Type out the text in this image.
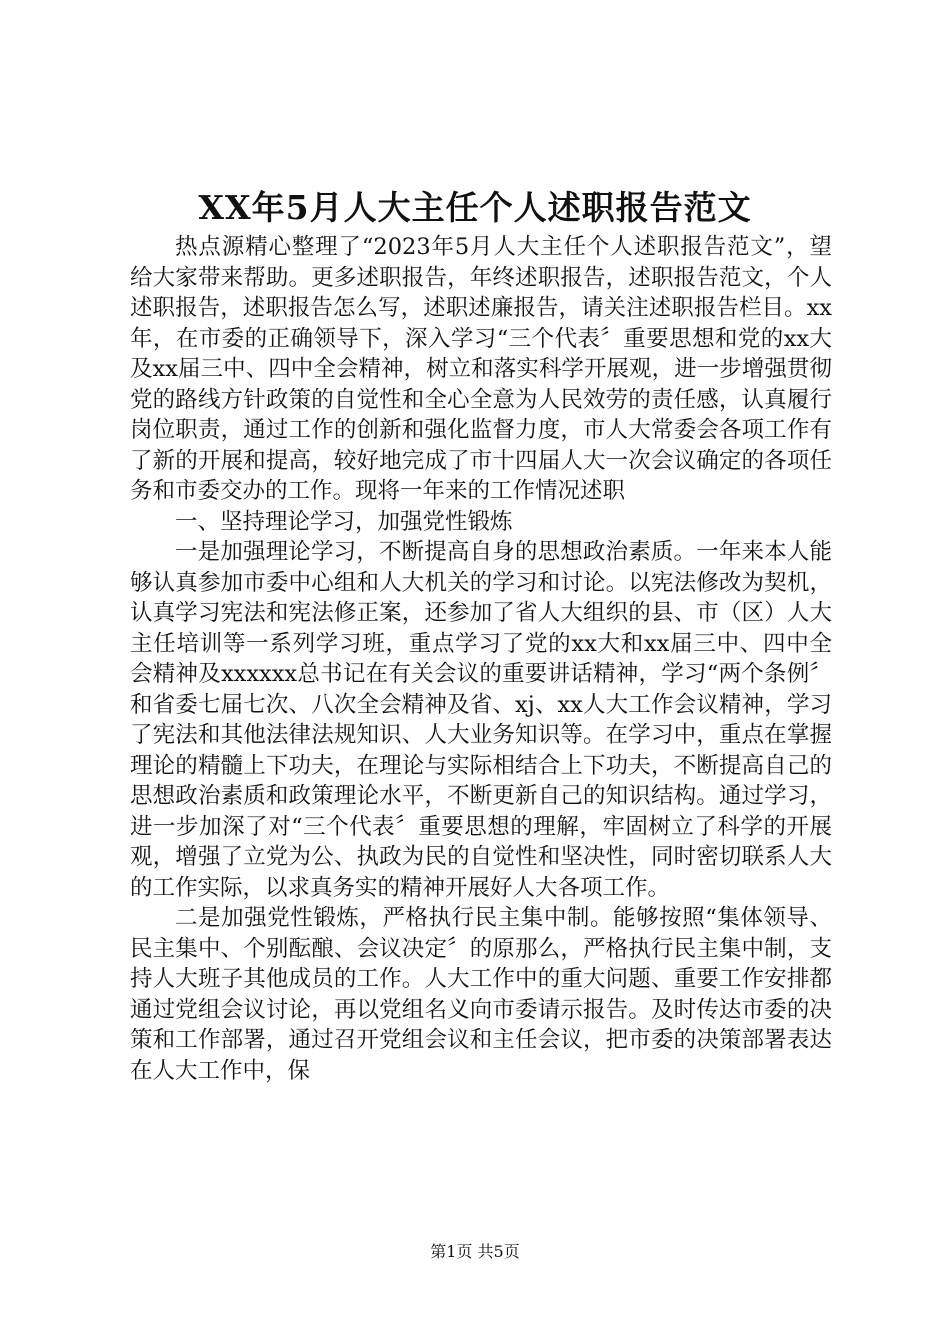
XX年5月人大主任个人述职报告范文

热点源精心整理了“2023年5月人大主任个人述职报告范文”，望给大家带来帮助。更多述职报告，年终述职报告，述职报告范文，个人述职报告，述职报告怎么写，述职述廉报告，请关注述职报告栏目。xx年，在市委的正确领导下，深入学习“三个代表〞重要思想和党的xx大及xx届三中、四中全会精神，树立和落实科学开展观，进一步增强贯彻党的路线方针政策的自觉性和全心全意为人民效劳的责任感，认真履行岗位职责，通过工作的创新和强化监督力度，市人大常委会各项工作有了新的开展和提高，较好地完成了市十四届人大一次会议确定的各项任务和市委交办的工作。现将一年来的工作情况述职

一、坚持理论学习，加强党性锻炼

一是加强理论学习，不断提高自身的思想政治素质。一年来本人能够认真参加市委中心组和人大机关的学习和讨论。以宪法修改为契机，认真学习宪法和宪法修正案，还参加了省人大组织的县、市（区）人大主任培训等一系列学习班，重点学习了党的xx大和xx届三中、四中全会精神及xxxxxx总书记在有关会议的重要讲话精神，学习“两个条例〞和省委七届七次、八次全会精神及省、xj、xx人大工作会议精神，学习了宪法和其他法律法规知识、人大业务知识等。在学习中，重点在掌握理论的精髓上下功夫，在理论与实际相结合上下功夫，不断提高自己的思想政治素质和政策理论水平，不断更新自己的知识结构。通过学习，进一步加深了对“三个代表〞重要思想的理解，牢固树立了科学的开展观，增强了立党为公、执政为民的自觉性和坚决性，同时密切联系人大的工作实际，以求真务实的精神开展好人大各项工作。

二是加强党性锻炼，严格执行民主集中制。能够按照“集体领导、民主集中、个别酝酿、会议决定〞的原那么，严格执行民主集中制，支持人大班子其他成员的工作。人大工作中的重大问题、重要工作安排都通过党组会议讨论，再以党组名义向市委请示报告。及时传达市委的决策和工作部署，通过召开党组会议和主任会议，把市委的决策部署表达在人大工作中，保

第1页 共5页
